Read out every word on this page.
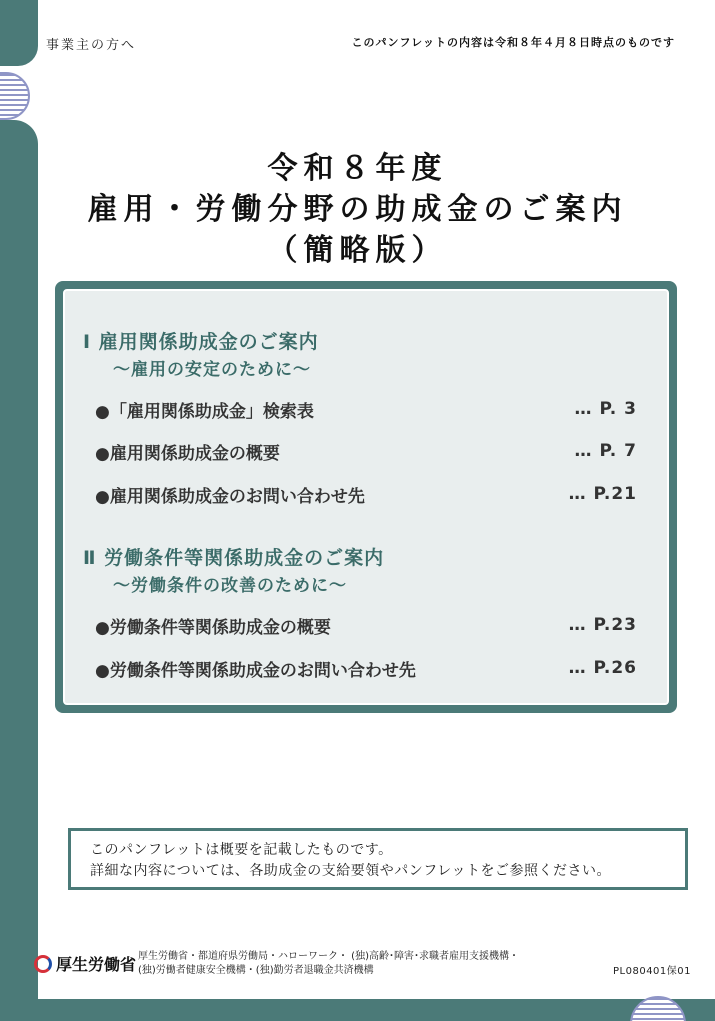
事業主の方へ	このパンフレットの内容は令和８年４月８日時点のものです
令和８年度
雇用・労働分野の助成金のご案内
（簡略版）
Ⅰ 雇用関係助成金のご案内
～雇用の安定のために～
●「雇用関係助成金」検索表	… P. 3
●雇用関係助成金の概要	… P. 7
●雇用関係助成金のお問い合わせ先	… P.21
Ⅱ 労働条件等関係助成金のご案内
～労働条件の改善のために～
●労働条件等関係助成金の概要	… P.23
●労働条件等関係助成金のお問い合わせ先	… P.26
このパンフレットは概要を記載したものです。
詳細な内容については、各助成金の支給要領やパンフレットをご参照ください。
厚生労働省 厚生労働省・都道府県労働局・ハローワーク・ (独)高齢･障害･求職者雇用支援機構・
(独)労働者健康安全機構・(独)勤労者退職金共済機構	PL080401保01
